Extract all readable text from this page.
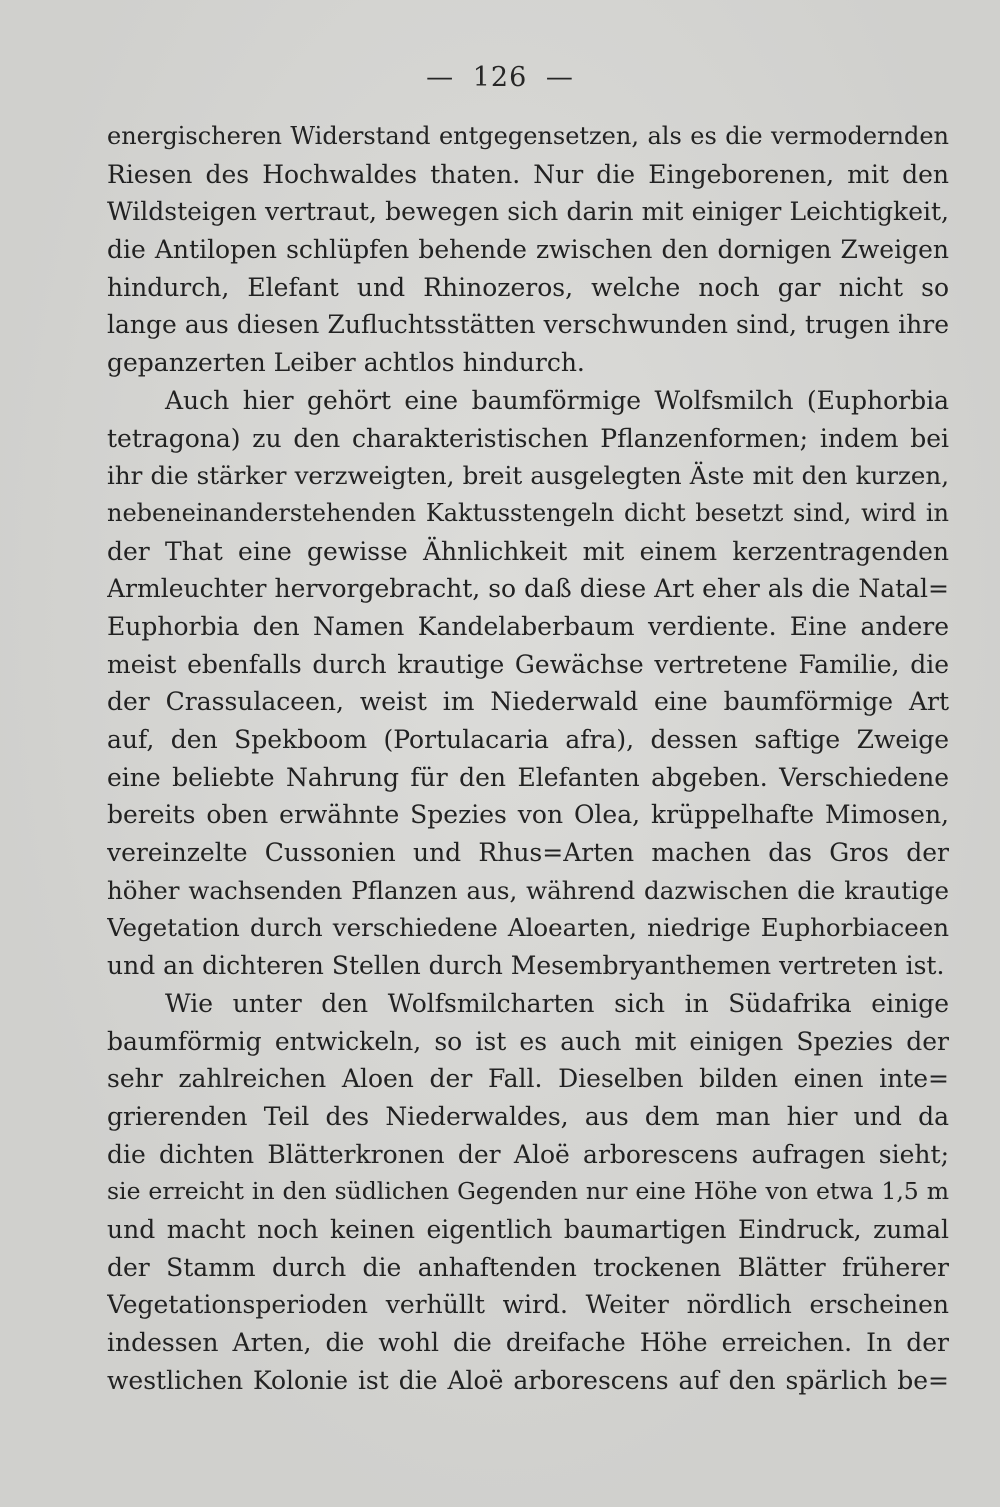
— 126 —
energischeren Widerstand entgegensetzen, als es die vermodernden
Riesen des Hochwaldes thaten. Nur die Eingeborenen, mit den
Wildsteigen vertraut, bewegen sich darin mit einiger Leichtigkeit,
die Antilopen schlüpfen behende zwischen den dornigen Zweigen
hindurch, Elefant und Rhinozeros, welche noch gar nicht so
lange aus diesen Zufluchtsstätten verschwunden sind, trugen ihre
gepanzerten Leiber achtlos hindurch.
Auch hier gehört eine baumförmige Wolfsmilch (Euphorbia
tetragona) zu den charakteristischen Pflanzenformen; indem bei
ihr die stärker verzweigten, breit ausgelegten Äste mit den kurzen,
nebeneinanderstehenden Kaktusstengeln dicht besetzt sind, wird in
der That eine gewisse Ähnlichkeit mit einem kerzentragenden
Armleuchter hervorgebracht, so daß diese Art eher als die Natal=
Euphorbia den Namen Kandelaberbaum verdiente. Eine andere
meist ebenfalls durch krautige Gewächse vertretene Familie, die
der Crassulaceen, weist im Niederwald eine baumförmige Art
auf, den Spekboom (Portulacaria afra), dessen saftige Zweige
eine beliebte Nahrung für den Elefanten abgeben. Verschiedene
bereits oben erwähnte Spezies von Olea, krüppelhafte Mimosen,
vereinzelte Cussonien und Rhus=Arten machen das Gros der
höher wachsenden Pflanzen aus, während dazwischen die krautige
Vegetation durch verschiedene Aloearten, niedrige Euphorbiaceen
und an dichteren Stellen durch Mesembryanthemen vertreten ist.
Wie unter den Wolfsmilcharten sich in Südafrika einige
baumförmig entwickeln, so ist es auch mit einigen Spezies der
sehr zahlreichen Aloen der Fall. Dieselben bilden einen inte=
grierenden Teil des Niederwaldes, aus dem man hier und da
die dichten Blätterkronen der Aloë arborescens aufragen sieht;
sie erreicht in den südlichen Gegenden nur eine Höhe von etwa 1,5 m
und macht noch keinen eigentlich baumartigen Eindruck, zumal
der Stamm durch die anhaftenden trockenen Blätter früherer
Vegetationsperioden verhüllt wird. Weiter nördlich erscheinen
indessen Arten, die wohl die dreifache Höhe erreichen. In der
westlichen Kolonie ist die Aloë arborescens auf den spärlich be=
